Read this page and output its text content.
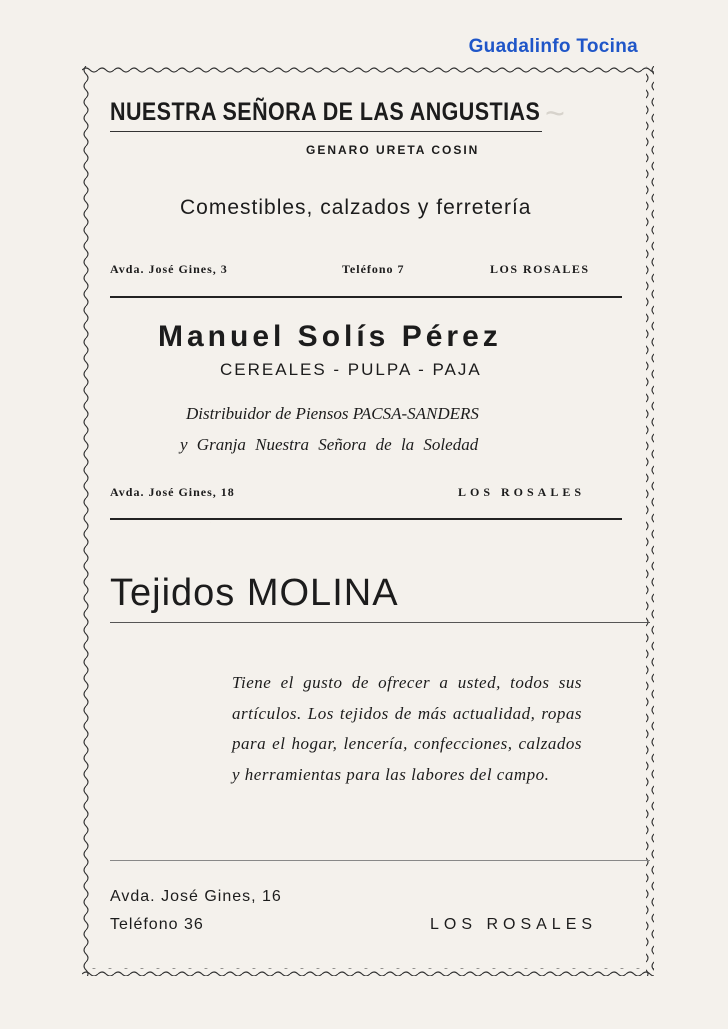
Guadalinfo Tocina
~
.
NUESTRA SEÑORA DE LAS ANGUSTIAS
GENARO URETA COSIN
Comestibles, calzados y ferretería
Avda. José Gines, 3	Teléfono 7	LOS ROSALES
Manuel Solís Pérez
CEREALES - PULPA - PAJA
Distribuidor de Piensos PACSA-SANDERS
y Granja Nuestra Señora de la Soledad
Avda. José Gines, 18	LOS ROSALES
Tejidos MOLINA
Tiene el gusto de ofrecer a usted, todos sus artículos. Los tejidos de más actualidad, ropas para el hogar, lencería, confecciones, calzados y herramientas para las labores del campo.
Avda. José Gines, 16
Teléfono 36	LOS ROSALES
